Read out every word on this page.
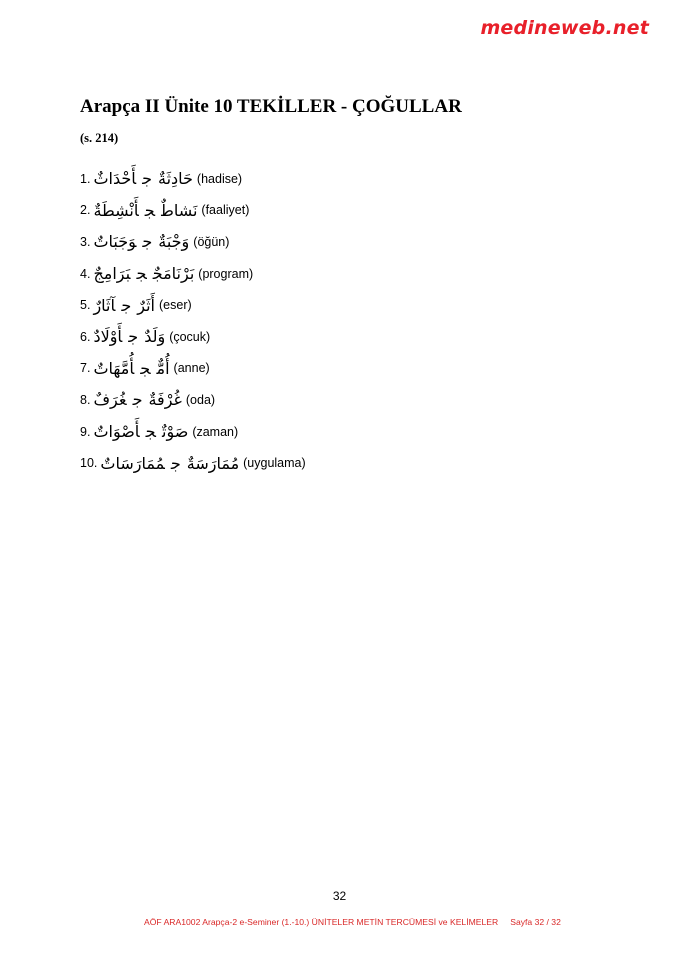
medineweb.net
Arapça II Ünite 10 TEKİLLER - ÇOĞULLAR
(s. 214)
1.	حَادِثَةٌجأَحْدَاثٌ	(hadise)
2.	نَشاطٌجأَنْشِطَةٌ	(faaliyet)
3.	وَجْبَةٌجوَجَبَاتٌ	(öğün)
4.	بَرْنَامَجٌجبَرَامِجٌ	(program)
5.	أَثَرٌجآثَارٌ	(eser)
6.	وَلَدٌجأَوْلَادٌ	(çocuk)
7.	أُمٌّجأُمَّهَاتٌ	(anne)
8.	غُرْفَةٌجغُرَفٌ	(oda)
9.	صَوْتٌجأَصْوَاتٌ	(zaman)
10.	مُمَارَسَةٌجمُمَارَسَاتٌ	(uygulama)
32
AÖF ARA1002 Arapça-2 e-Seminer (1.-10.) ÜNİTELER METİN TERCÜMESİ ve KELİMELER Sayfa 32 / 32
